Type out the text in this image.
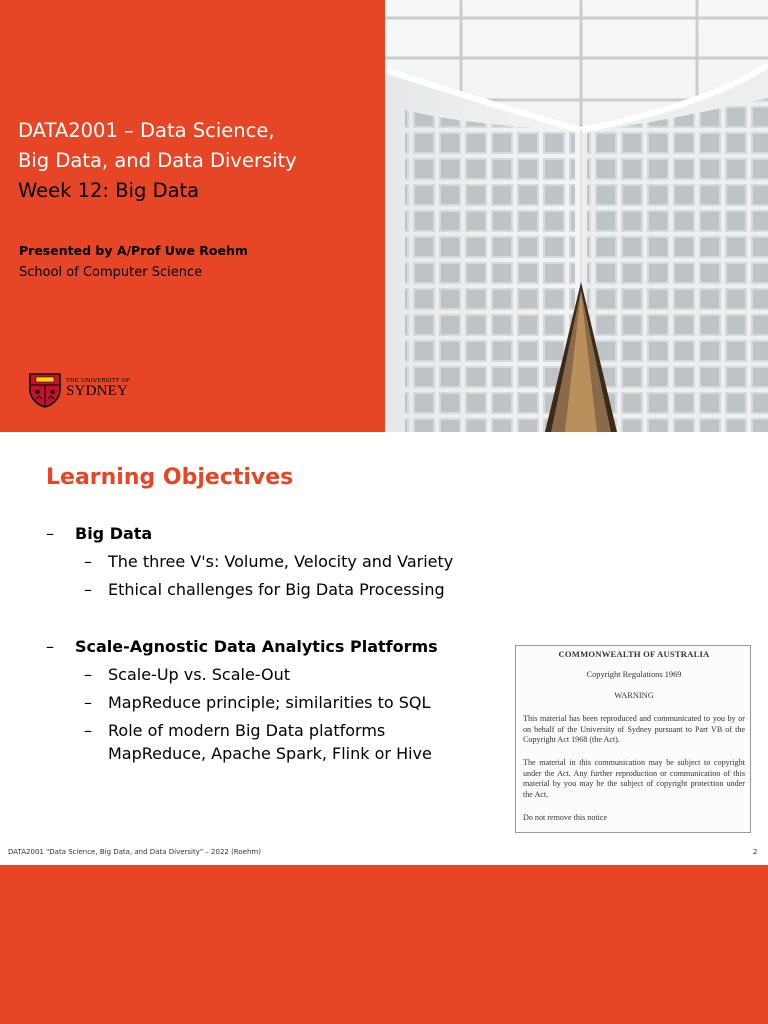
DATA2001 – Data Science,
Big Data, and Data Diversity
Week 12: Big Data
Presented by A/Prof Uwe Roehm
School of Computer Science
THE UNIVERSITY OF
SYDNEY
Learning Objectives
– Big Data
– The three V's: Volume, Velocity and Variety
– Ethical challenges for Big Data Processing
– Scale-Agnostic Data Analytics Platforms
– Scale-Up vs. Scale-Out
– MapReduce principle; similarities to SQL
– Role of modern Big Data platforms
MapReduce, Apache Spark, Flink or Hive
COMMONWEALTH OF AUSTRALIA
Copyright Regulations 1969
WARNING
This material has been reproduced and communicated to you by or on behalf of the University of Sydney pursuant to Part VB of the Copyright Act 1968 (the Act).
The material in this communication may be subject to copyright under the Act. Any further reproduction or communication of this material by you may be the subject of copyright protection under the Act.
Do not remove this notice
DATA2001 "Data Science, Big Data, and Data Diversity" – 2022 (Roehm)	2
